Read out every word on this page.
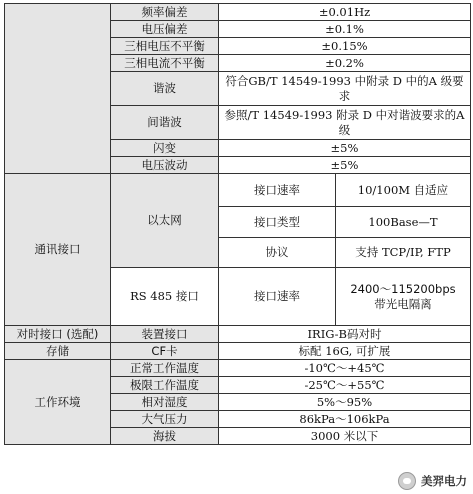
	频率偏差	±0.01Hz	
	电压偏差	±0.1%	
	三相电压不平衡	±0.15%	
	三相电流不平衡	±0.2%	
	谐波	符合GB/T 14549-1993 中附录 D 中的A 级要求	
	间谐波	参照/T 14549-1993 附录 D 中对谐波要求的A 级	
	闪变	±5%	
	电压波动	±5%	
通讯接口	以太网	接口速率	10/100M 自适应
		接口类型	100Base—T
		协议	支持 TCP/IP, FTP
	RS 485 接口	接口速率	2400～115200bps
带光电隔离

对时接口 (选配)	装置接口	IRIG-B码对时	
存储	CF卡	标配 16G, 可扩展	
工作环境	正常工作温度	-10℃～+45℃	
	极限工作温度	-25℃～+55℃	
	相对湿度	5%～95%	
	大气压力	86kPa～106kPa	
	海拔	3000 米以下	
美羿电力
